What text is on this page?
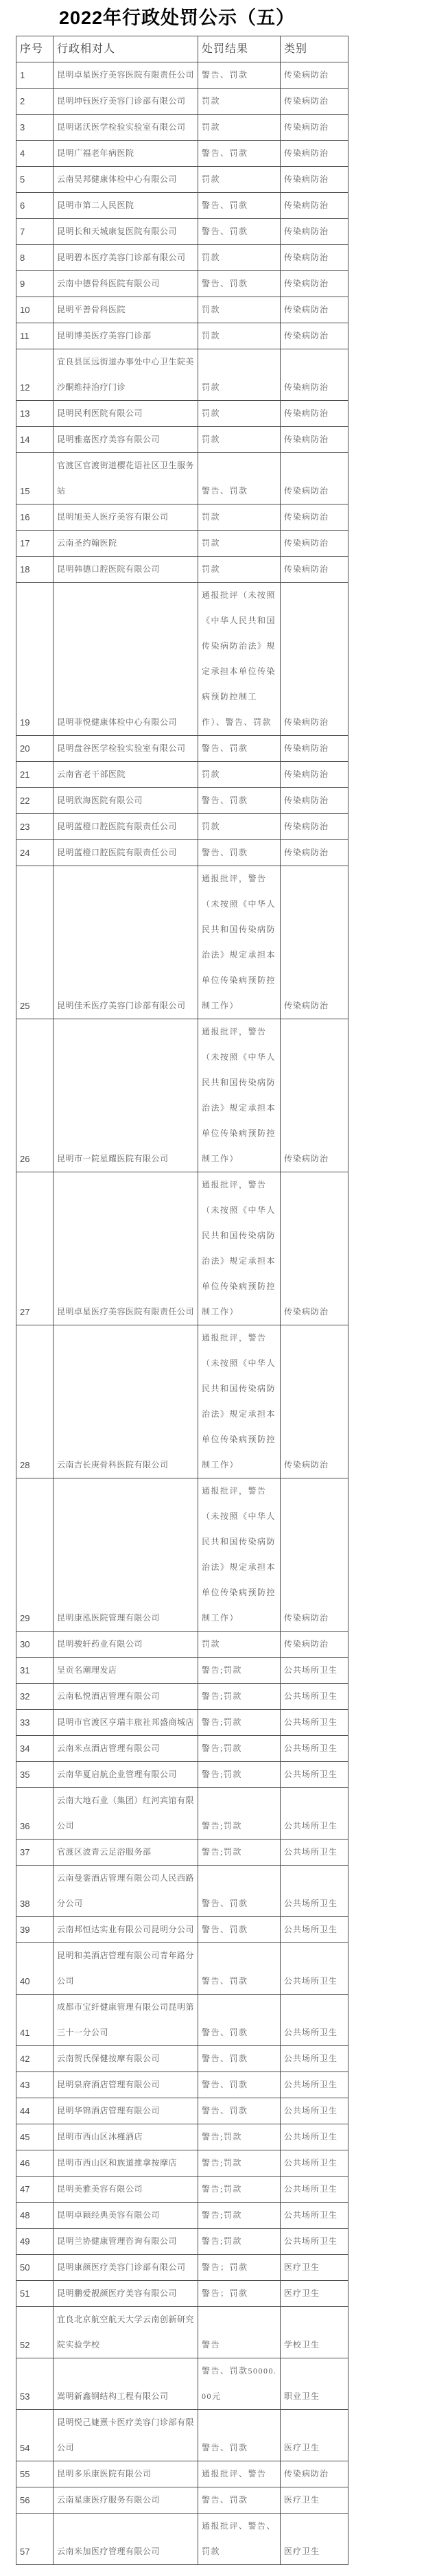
2022年行政处罚公示（五）
序号	行政相对人	处罚结果	类别
1	昆明卓星医疗美容医院有限责任公司	警告、罚款	传染病防治
2	昆明坤钰医疗美容门诊部有限公司	罚款	传染病防治
3	昆明诺沃医学检验实验室有限公司	罚款	传染病防治
4	昆明广福老年病医院	警告、罚款	传染病防治
5	云南昊邦健康体检中心有限公司	罚款	传染病防治
6	昆明市第二人民医院	警告、罚款	传染病防治
7	昆明长和天城康复医院有限公司	警告、罚款	传染病防治
8	昆明碧本医疗美容门诊部有限公司	罚款	传染病防治
9	云南中德骨科医院有限公司	警告、罚款	传染病防治
10	昆明平善骨科医院	罚款	传染病防治
11	昆明博美医疗美容门诊部	罚款	传染病防治
12	宜良县匡远街道办事处中心卫生院美沙酮维持治疗门诊	罚款	传染病防治
13	昆明民利医院有限公司	罚款	传染病防治
14	昆明雅嘉医疗美容有限公司	罚款	传染病防治
15	官渡区官渡街道樱花语社区卫生服务站	警告、罚款	传染病防治
16	昆明旭美人医疗美容有限公司	罚款	传染病防治
17	云南圣约翰医院	罚款	传染病防治
18	昆明韩德口腔医院有限公司	罚款	传染病防治
19	昆明菲悦健康体检中心有限公司	通报批评（未按照《中华人民共和国传染病防治法》规定承担本单位传染病预防控制工作）、警告、罚款	传染病防治
20	昆明盘谷医学检验实验室有限公司	警告、罚款	传染病防治
21	云南省老干部医院	罚款	传染病防治
22	昆明欣海医院有限公司	警告、罚款	传染病防治
23	昆明蓝橙口腔医院有限责任公司	罚款	传染病防治
24	昆明蓝橙口腔医院有限责任公司	警告、罚款	传染病防治
25	昆明佳禾医疗美容门诊部有限公司	通报批评，警告（未按照《中华人民共和国传染病防治法》规定承担本单位传染病预防控制工作）	传染病防治
26	昆明市一院星耀医院有限公司	通报批评，警告（未按照《中华人民共和国传染病防治法》规定承担本单位传染病预防控制工作）	传染病防治
27	昆明卓星医疗美容医院有限责任公司	通报批评，警告（未按照《中华人民共和国传染病防治法》规定承担本单位传染病预防控制工作）	传染病防治
28	云南吉长庚骨科医院有限公司	通报批评，警告（未按照《中华人民共和国传染病防治法》规定承担本单位传染病预防控制工作）	传染病防治
29	昆明康泓医院管理有限公司	通报批评，警告（未按照《中华人民共和国传染病防治法》规定承担本单位传染病预防控制工作）	传染病防治
30	昆明骏轩药业有限公司	罚款	传染病防治
31	呈贡名潮理发店	警告;罚款	公共场所卫生
32	云南私悦酒店管理有限公司	警告;罚款	公共场所卫生
33	昆明市官渡区亨瑞丰旅社邦盛商城店	警告;罚款	公共场所卫生
34	云南米点酒店管理有限公司	警告;罚款	公共场所卫生
35	云南华夏启航企业管理有限公司	警告;罚款	公共场所卫生
36	云南大地石业（集团）红河宾馆有限公司	警告;罚款	公共场所卫生
37	官渡区波青云足浴服务部	警告;罚款	公共场所卫生
38	云南曼銮酒店管理有限公司人民西路分公司	警告、罚款	公共场所卫生
39	云南邦恒达实业有限公司昆明分公司	警告、罚款	公共场所卫生
40	昆明和美酒店管理有限公司青年路分公司	警告、罚款	公共场所卫生
41	成都市宝纤健康管理有限公司昆明第三十一分公司	警告、罚款	公共场所卫生
42	云南贺氏保健按摩有限公司	警告、罚款	公共场所卫生
43	昆明泉府酒店管理有限公司	警告、罚款	公共场所卫生
44	昆明华锦酒店管理有限公司	警告、罚款	公共场所卫生
45	昆明市西山区沐槿酒店	警告;罚款	公共场所卫生
46	昆明市西山区和族道推拿按摩店	警告;罚款	公共场所卫生
47	昆明美雅美容有限公司	警告;罚款	公共场所卫生
48	昆明卓颖经典美容有限公司	警告;罚款	公共场所卫生
49	昆明兰协健康管理咨询有限公司	警告;罚款	公共场所卫生
50	昆明康颜医疗美容门诊部有限公司	警告；罚款	医疗卫生
51	昆明鹏爱靓颜医疗美容有限公司	警告；罚款	医疗卫生
52	宜良北京航空航天大学云南创新研究院实验学校	警告	学校卫生
53	嵩明新鑫钢结构工程有限公司	警告、罚款50000.00元	职业卫生
54	昆明悦己婕熹卡医疗美容门诊部有限公司	警告、罚款	医疗卫生
55	昆明多乐康医院有限公司	通报批评、警告	传染病防治
56	云南星康医疗服务有限公司	警告、罚款	医疗卫生
57	云南米加医疗管理有限公司	通报批评、警告、罚款	医疗卫生
